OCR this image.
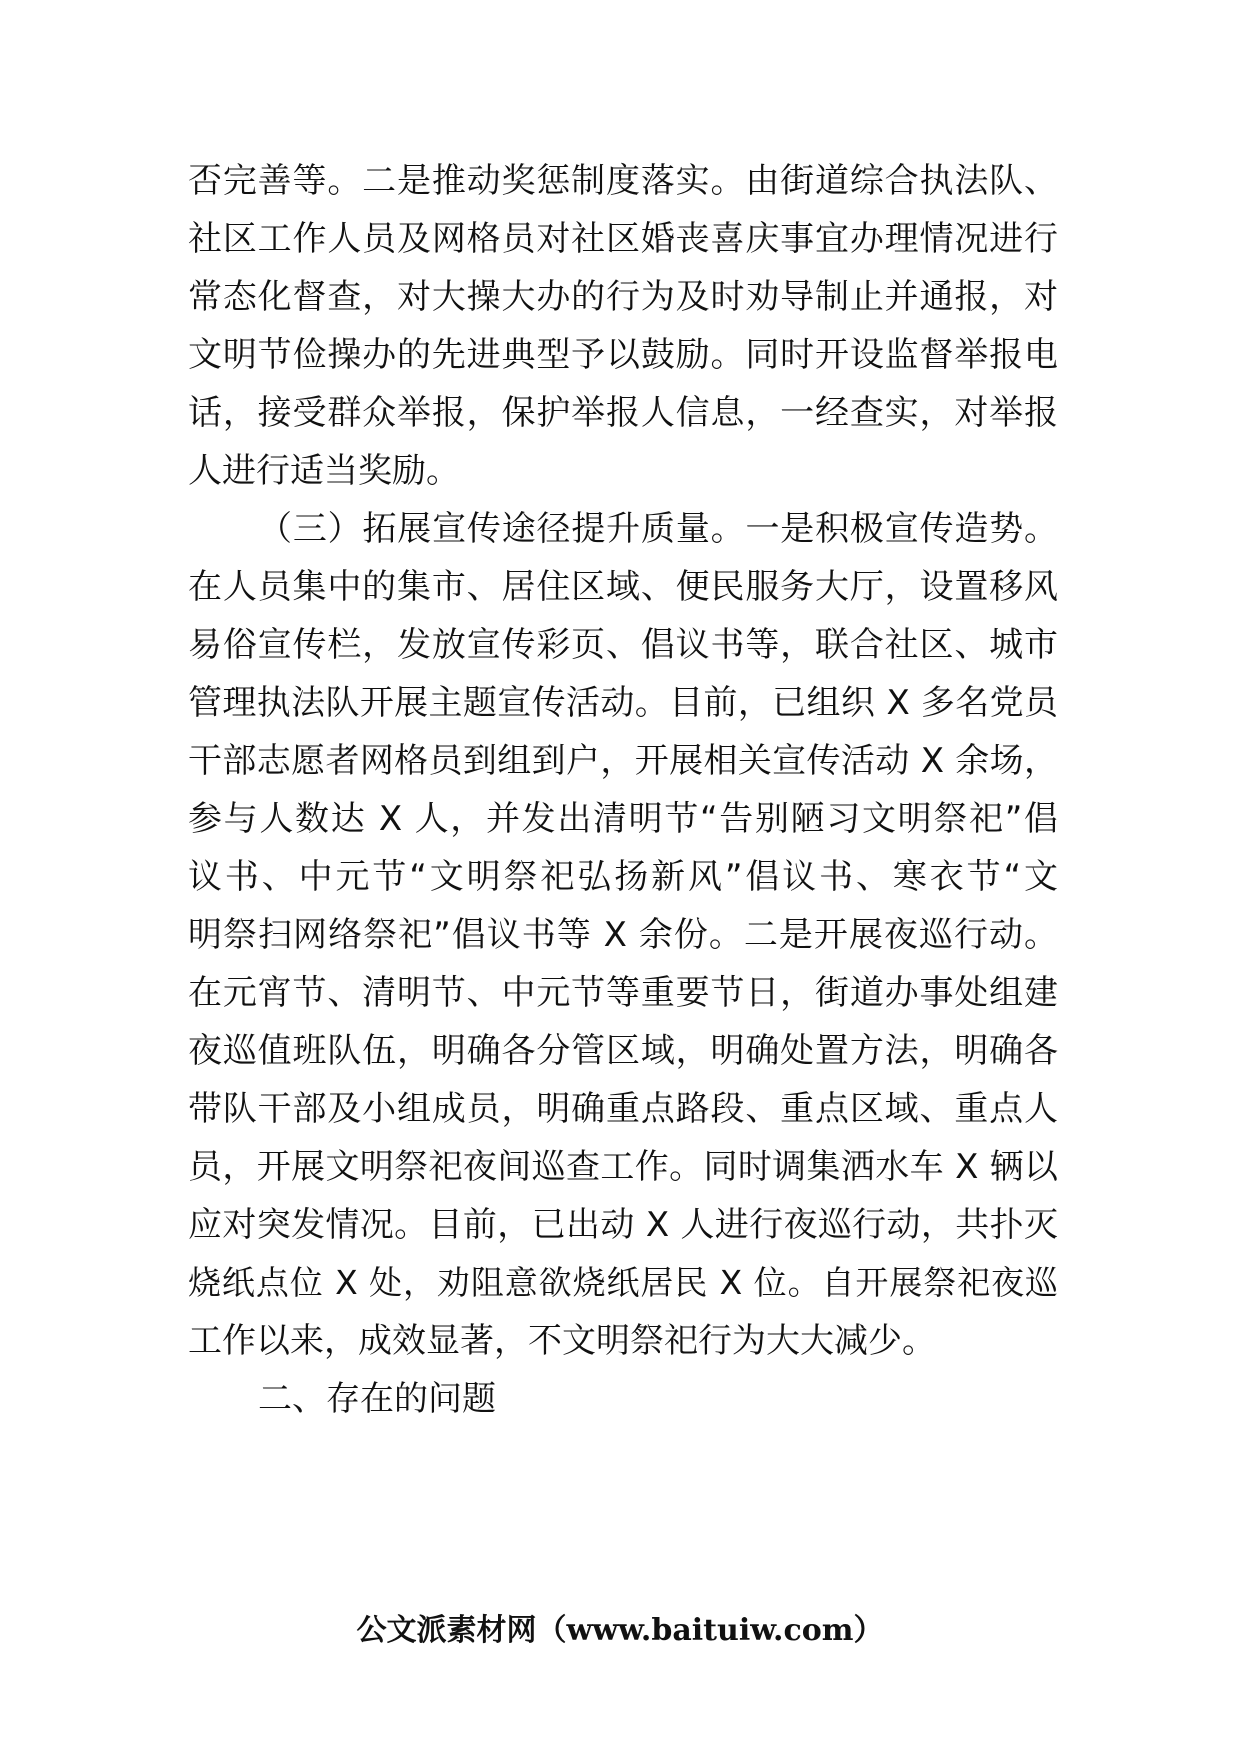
否完善等。二是推动奖惩制度落实。由街道综合执法队、
社区工作人员及网格员对社区婚丧喜庆事宜办理情况进行
常态化督查，对大操大办的行为及时劝导制止并通报，对
文明节俭操办的先进典型予以鼓励。同时开设监督举报电
话，接受群众举报，保护举报人信息，一经查实，对举报
人进行适当奖励。
（三）拓展宣传途径提升质量。一是积极宣传造势。
在人员集中的集市、居住区域、便民服务大厅，设置移风
易俗宣传栏，发放宣传彩页、倡议书等，联合社区、城市
管理执法队开展主题宣传活动。目前，已组织 X 多名党员
干部志愿者网格员到组到户，开展相关宣传活动 X 余场，
参与人数达 X 人，并发出清明节“告别陋习文明祭祀”倡
议书、中元节“文明祭祀弘扬新风”倡议书、寒衣节“文
明祭扫网络祭祀”倡议书等 X 余份。二是开展夜巡行动。
在元宵节、清明节、中元节等重要节日，街道办事处组建
夜巡值班队伍，明确各分管区域，明确处置方法，明确各
带队干部及小组成员，明确重点路段、重点区域、重点人
员，开展文明祭祀夜间巡查工作。同时调集洒水车 X 辆以
应对突发情况。目前，已出动 X 人进行夜巡行动，共扑灭
烧纸点位 X 处，劝阻意欲烧纸居民 X 位。自开展祭祀夜巡
工作以来，成效显著，不文明祭祀行为大大减少。
二、存在的问题
公文派素材网（www.baituiw.com）
